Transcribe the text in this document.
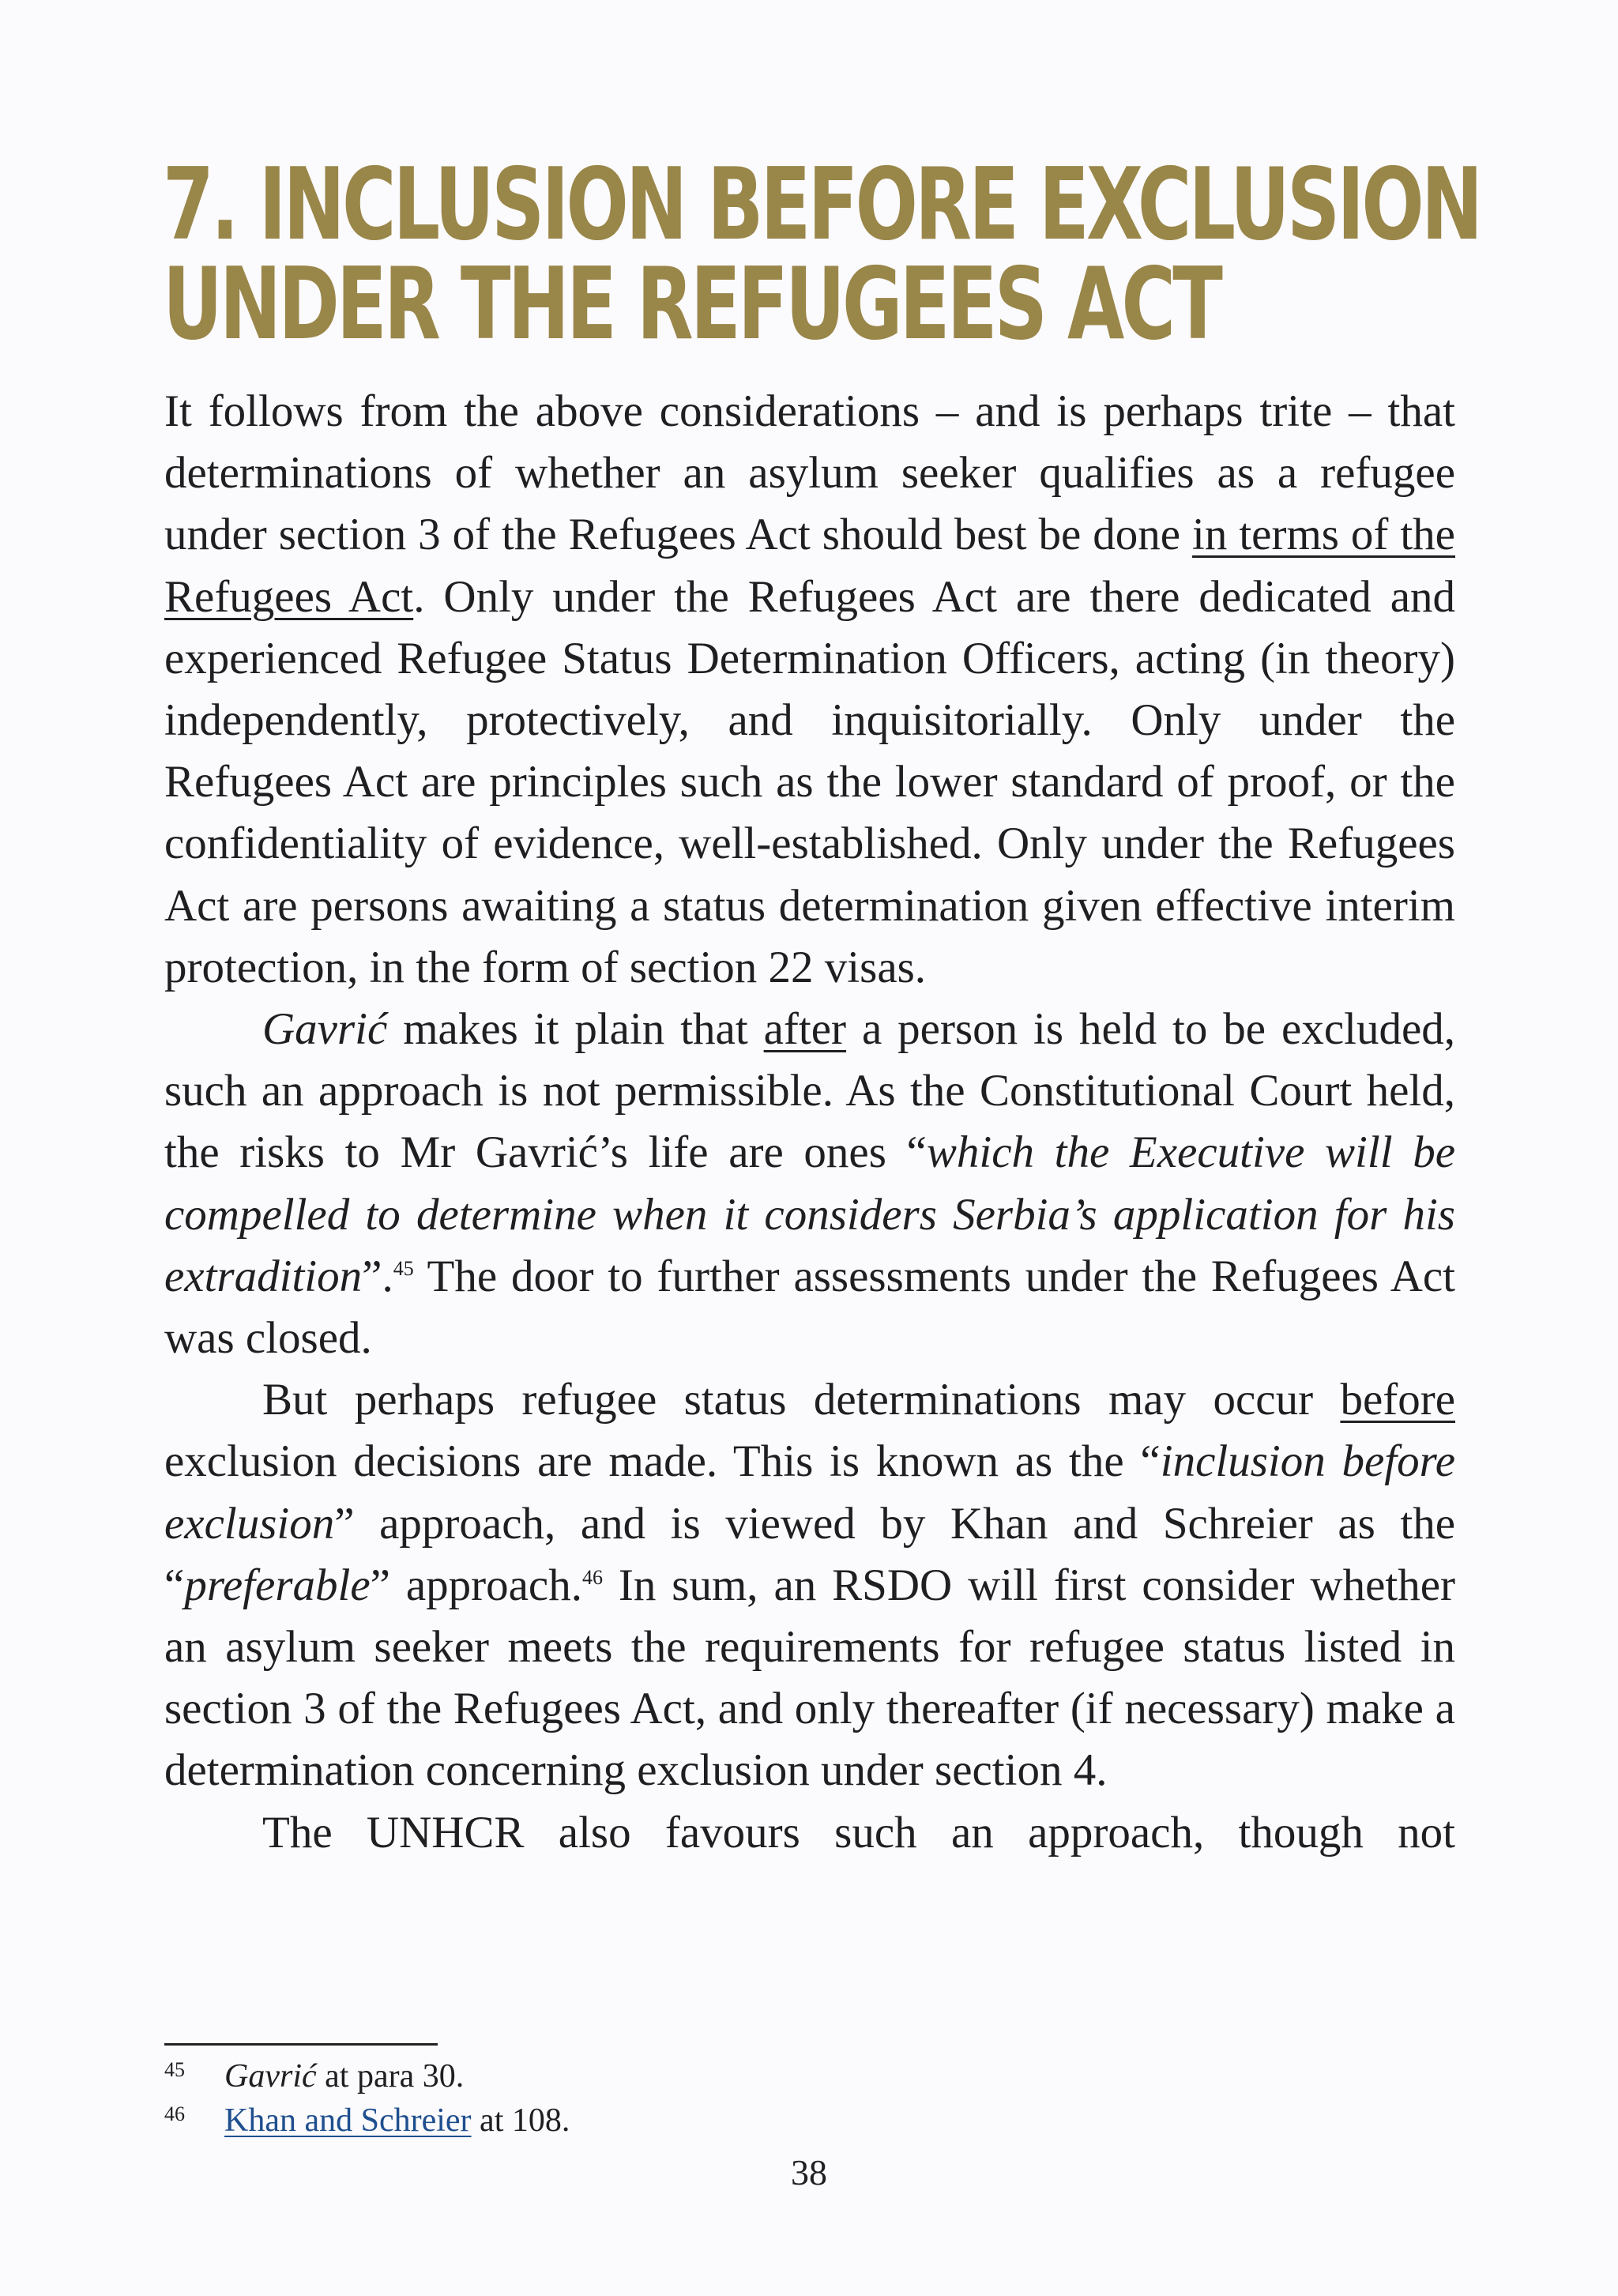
7. INCLUSION BEFORE EXCLUSION
UNDER THE REFUGEES ACT

It follows from the above considerations – and is perhaps trite – that determinations of whether an asylum seeker qualifies as a refugee under section 3 of the Refugees Act should best be done in terms of the Refugees Act. Only under the Refugees Act are there dedicated and experienced Refugee Status Determination Officers, acting (in theory) independently, protectively, and inquisitorially. Only under the Refugees Act are principles such as the lower standard of proof, or the confidentiality of evidence, well-established. Only under the Refugees Act are persons awaiting a status determination given effective interim protection, in the form of section 22 visas.

Gavrić makes it plain that after a person is held to be excluded, such an approach is not permissible. As the Constitutional Court held, the risks to Mr Gavrić’s life are ones “which the Executive will be compelled to determine when it considers Serbia’s application for his extradition”.$^{45}$ The door to further assessments under the Refugees Act was closed.

But perhaps refugee status determinations may occur before exclusion decisions are made. This is known as the “inclusion before exclusion” approach, and is viewed by Khan and Schreier as the “preferable” approach.$^{46}$ In sum, an RSDO will first consider whether an asylum seeker meets the requirements for refugee status listed in section 3 of the Refugees Act, and only thereafter (if necessary) make a determination concerning exclusion under section 4.

The UNHCR also favours such an approach, though not

45 Gavrić at para 30.
46 Khan and Schreier at 108.
38
